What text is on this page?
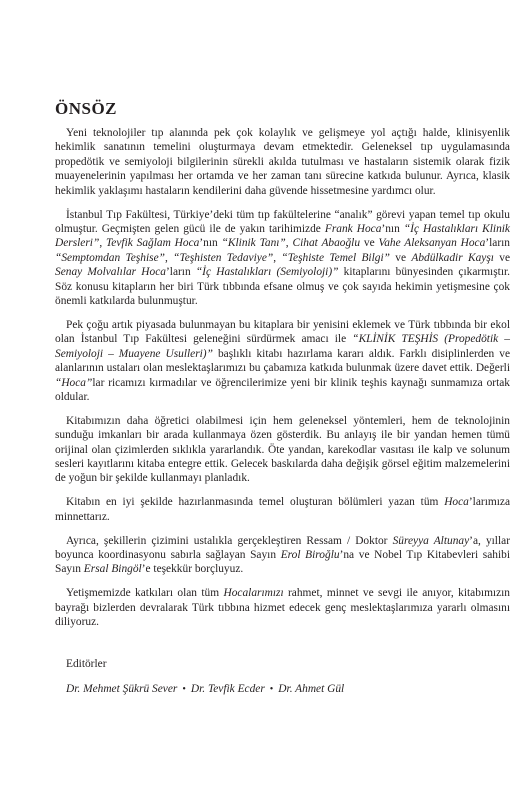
ÖNSÖZ

Yeni teknolojiler tıp alanında pek çok kolaylık ve gelişmeye yol açtığı halde, klinisyenlik hekimlik sanatının temelini oluşturmaya devam etmektedir. Geleneksel tıp uygulamasında propedötik ve semiyoloji bilgilerinin sürekli akılda tutulması ve hastaların sistemik olarak fizik muayenelerinin yapılması her ortamda ve her zaman tanı sürecine katkıda bulunur. Ayrıca, klasik hekimlik yaklaşımı hastaların kendilerini daha güvende hissetmesine yardımcı olur.

İstanbul Tıp Fakültesi, Türkiye’deki tüm tıp fakültelerine “analık” görevi yapan temel tıp okulu olmuştur. Geçmişten gelen gücü ile de yakın tarihimizde Frank Hoca’nın “İç Hastalıkları Klinik Dersleri”, Tevfik Sağlam Hoca’nın “Klinik Tanı”, Cihat Abaoğlu ve Vahe Aleksanyan Hoca’ların “Semptomdan Teşhise”, “Teşhisten Tedaviye”, “Teşhiste Temel Bilgi” ve Abdülkadir Kayşı ve Senay Molvalılar Hoca’ların “İç Hastalıkları (Semiyoloji)” kitaplarını bünyesinden çıkarmıştır. Söz konusu kitapların her biri Türk tıbbında efsane olmuş ve çok sayıda hekimin yetişmesine çok önemli katkılarda bulunmuştur.

Pek çoğu artık piyasada bulunmayan bu kitaplara bir yenisini eklemek ve Türk tıbbında bir ekol olan İstanbul Tıp Fakültesi geleneğini sürdürmek amacı ile “KLİNİK TEŞHİS (Propedötik – Semiyoloji – Muayene Usulleri)” başlıklı kitabı hazırlama kararı aldık. Farklı disiplinlerden ve alanlarının ustaları olan meslektaşlarımızı bu çabamıza katkıda bulunmak üzere davet ettik. Değerli “Hoca”lar ricamızı kırmadılar ve öğrencilerimize yeni bir klinik teşhis kaynağı sunmamıza ortak oldular.

Kitabımızın daha öğretici olabilmesi için hem geleneksel yöntemleri, hem de teknolojinin sunduğu imkanları bir arada kullanmaya özen gösterdik. Bu anlayış ile bir yandan hemen tümü orijinal olan çizimlerden sıklıkla yararlandık. Öte yandan, karekodlar vasıtası ile kalp ve solunum sesleri kayıtlarını kitaba entegre ettik. Gelecek baskılarda daha değişik görsel eğitim malzemelerini de yoğun bir şekilde kullanmayı planladık.

Kitabın en iyi şekilde hazırlanmasında temel oluşturan bölümleri yazan tüm Hoca’larımıza minnettarız.

Ayrıca, şekillerin çizimini ustalıkla gerçekleştiren Ressam / Doktor Süreyya Altunay’a, yıllar boyunca koordinasyonu sabırla sağlayan Sayın Erol Biroğlu’na ve Nobel Tıp Kitabevleri sahibi Sayın Ersal Bingöl’e teşekkür borçluyuz.

Yetişmemizde katkıları olan tüm Hocalarımızı rahmet, minnet ve sevgi ile anıyor, kitabımızın bayrağı bizlerden devralarak Türk tıbbına hizmet edecek genç meslektaşlarımıza yararlı olmasını diliyoruz.

Editörler

Dr. Mehmet Şükrü Sever • Dr. Tevfik Ecder • Dr. Ahmet Gül
